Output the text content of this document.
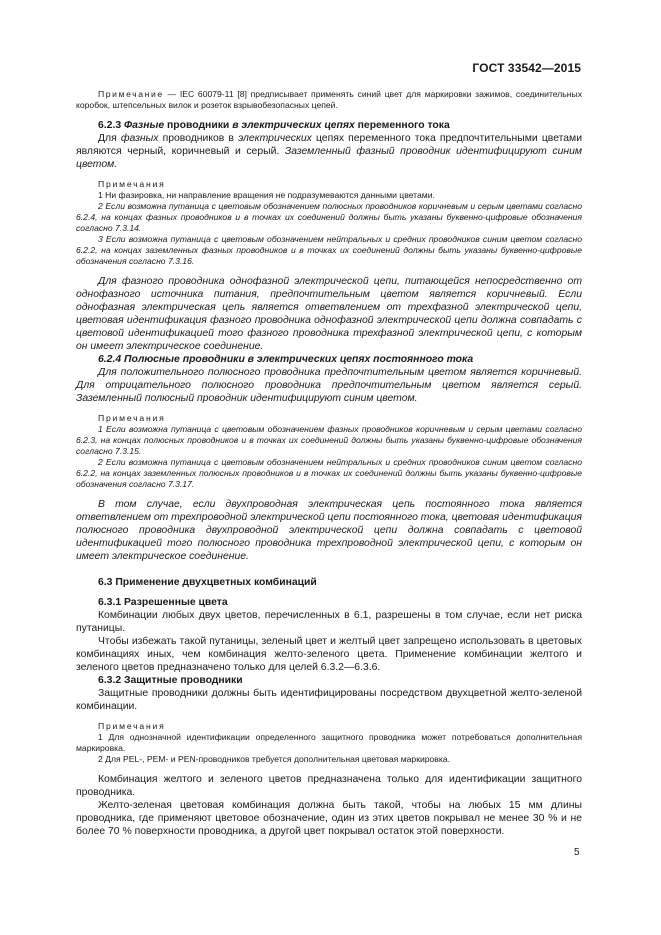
ГОСТ 33542—2015

Примечание — IEC 60079-11 [8] предписывает применять синий цвет для маркировки зажимов, соединительных коробок, штепсельных вилок и розеток взрывобезопасных цепей.

6.2.3 Фазные проводники в электрических цепях переменного тока

Для фазных проводников в электрических цепях переменного тока предпочтительными цветами являются черный, коричневый и серый. Заземленный фазный проводник идентифицируют синим цветом.

Примечания

1 Ни фазировка, ни направление вращения не подразумеваются данными цветами.

2 Если возможна путаница с цветовым обозначением полюсных проводников коричневым и серым цветами согласно 6.2.4, на концах фазных проводников и в точках их соединений должны быть указаны буквенно-цифровые обозначения согласно 7.3.14.

3 Если возможна путаница с цветовым обозначением нейтральных и средних проводников синим цветом согласно 6.2.2, на концах заземленных фазных проводников и в точках их соединений должны быть указаны буквенно-цифровые обозначения согласно 7.3.16.

Для фазного проводника однофазной электрической цепи, питающейся непосредственно от однофазного источника питания, предпочтительным цветом является коричневый. Если однофазная электрическая цепь является ответвлением от трехфазной электрической цепи, цветовая идентификация фазного проводника однофазной электрической цепи должна совпадать с цветовой идентификацией того фазного проводника трехфазной электрической цепи, с которым он имеет электрическое соединение.

6.2.4 Полюсные проводники в электрических цепях постоянного тока

Для положительного полюсного проводника предпочтительным цветом является коричневый. Для отрицательного полюсного проводника предпочтительным цветом является серый. Заземленный полюсный проводник идентифицируют синим цветом.

Примечания

1 Если возможна путаница с цветовым обозначением фазных проводников коричневым и серым цветами согласно 6.2.3, на концах полюсных проводников и в точках их соединений должны быть указаны буквенно-цифровые обозначения согласно 7.3.15.

2 Если возможна путаница с цветовым обозначением нейтральных и средних проводников синим цветом согласно 6.2.2, на концах заземленных полюсных проводников и в точках их соединений должны быть указаны буквенно-цифровые обозначения согласно 7.3.17.

В том случае, если двухпроводная электрическая цепь постоянного тока является ответвлением от трехпроводной электрической цепи постоянного тока, цветовая идентификация полюсного проводника двухпроводной электрической цепи должна совпадать с цветовой идентификацией того полюсного проводника трехпроводной электрической цепи, с которым он имеет электрическое соединение.

6.3 Применение двухцветных комбинаций

6.3.1 Разрешенные цвета

Комбинации любых двух цветов, перечисленных в 6.1, разрешены в том случае, если нет риска путаницы.

Чтобы избежать такой путаницы, зеленый цвет и желтый цвет запрещено использовать в цветовых комбинациях иных, чем комбинация желто-зеленого цвета. Применение комбинации желтого и зеленого цветов предназначено только для целей 6.3.2—6.3.6.

6.3.2 Защитные проводники

Защитные проводники должны быть идентифицированы посредством двухцветной желто-зеленой комбинации.

Примечания

1 Для однозначной идентификации определенного защитного проводника может потребоваться дополнительная маркировка.

2 Для PEL-, PEM- и PEN-проводников требуется дополнительная цветовая маркировка.

Комбинация желтого и зеленого цветов предназначена только для идентификации защитного проводника.

Желто-зеленая цветовая комбинация должна быть такой, чтобы на любых 15 мм длины проводника, где применяют цветовое обозначение, один из этих цветов покрывал не менее 30 % и не более 70 % поверхности проводника, а другой цвет покрывал остаток этой поверхности.

5
